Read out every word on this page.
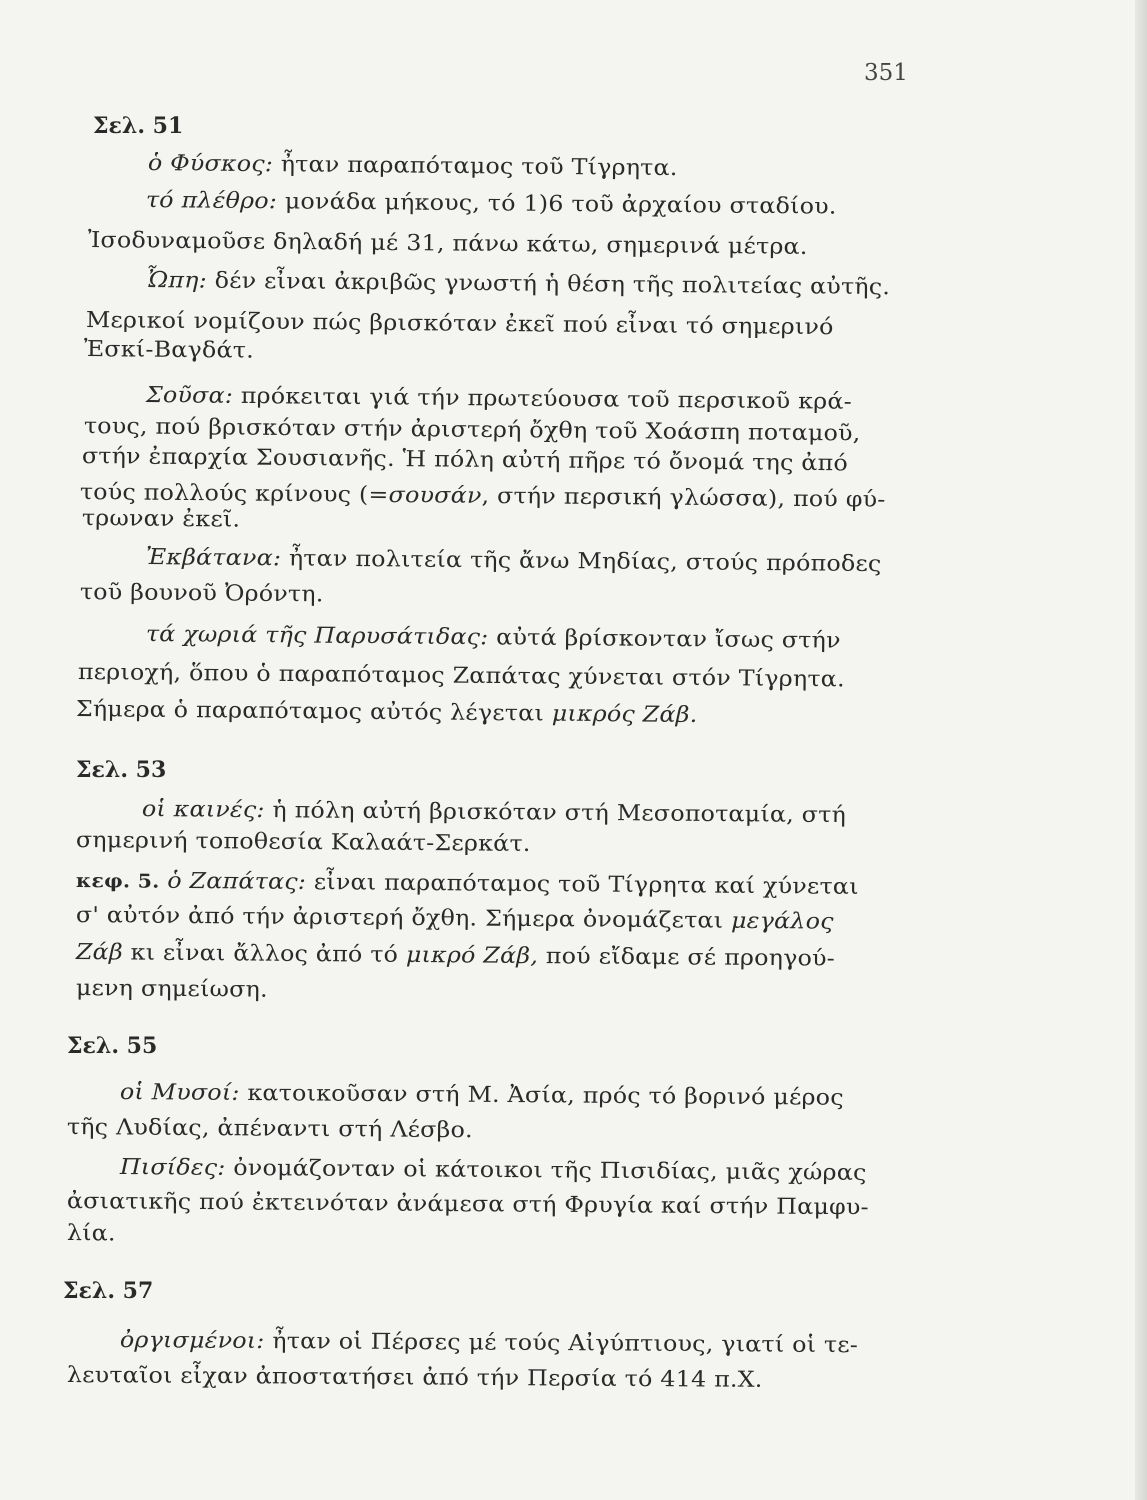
351
Σελ. 51
ὁ Φύσκος: ἦταν παραπόταμος τοῦ Τίγρητα.
τό πλέθρο: μονάδα μήκους, τό 1)6 τοῦ ἀρχαίου σταδίου.
Ἰσοδυναμοῦσε δηλαδή μέ 31, πάνω κάτω, σημερινά μέτρα.
Ὦπη: δέν εἶναι ἀκριβῶς γνωστή ἡ θέση τῆς πολιτείας αὐτῆς.
Μερικοί νομίζουν πώς βρισκόταν ἐκεῖ πού εἶναι τό σημερινό
Ἐσκί-Βαγδάτ.
Σοῦσα: πρόκειται γιά τήν πρωτεύουσα τοῦ περσικοῦ κρά-
τους, πού βρισκόταν στήν ἀριστερή ὄχθη τοῦ Χοάσπη ποταμοῦ,
στήν ἐπαρχία Σουσιανῆς. Ἡ πόλη αὐτή πῆρε τό ὄνομά της ἀπό
τούς πολλούς κρίνους (=σουσάν, στήν περσική γλώσσα), πού φύ-
τρωναν ἐκεῖ.
Ἐκβάτανα: ἦταν πολιτεία τῆς ἄνω Μηδίας, στούς πρόποδες
τοῦ βουνοῦ Ὀρόντη.
τά χωριά τῆς Παρυσάτιδας: αὐτά βρίσκονταν ἴσως στήν
περιοχή, ὅπου ὁ παραπόταμος Ζαπάτας χύνεται στόν Τίγρητα.
Σήμερα ὁ παραπόταμος αὐτός λέγεται μικρός Ζάβ.
Σελ. 53
οἱ καινές: ἡ πόλη αὐτή βρισκόταν στή Μεσοποταμία, στή
σημερινή τοποθεσία Καλαάτ-Σερκάτ.
κεφ. 5. ὁ Ζαπάτας: εἶναι παραπόταμος τοῦ Τίγρητα καί χύνεται
σ' αὐτόν ἀπό τήν ἀριστερή ὄχθη. Σήμερα ὀνομάζεται μεγάλος
Ζάβ κι εἶναι ἄλλος ἀπό τό μικρό Ζάβ, πού εἴδαμε σέ προηγού-
μενη σημείωση.
Σελ. 55
οἱ Μυσοί: κατοικοῦσαν στή Μ. Ἀσία, πρός τό βορινό μέρος
τῆς Λυδίας, ἀπέναντι στή Λέσβο.
Πισίδες: ὀνομάζονταν οἱ κάτοικοι τῆς Πισιδίας, μιᾶς χώρας
ἀσιατικῆς πού ἐκτεινόταν ἀνάμεσα στή Φρυγία καί στήν Παμφυ-
λία.
Σελ. 57
ὀργισμένοι: ἦταν οἱ Πέρσες μέ τούς Αἰγύπτιους, γιατί οἱ τε-
λευταῖοι εἶχαν ἀποστατήσει ἀπό τήν Περσία τό 414 π.Χ.
